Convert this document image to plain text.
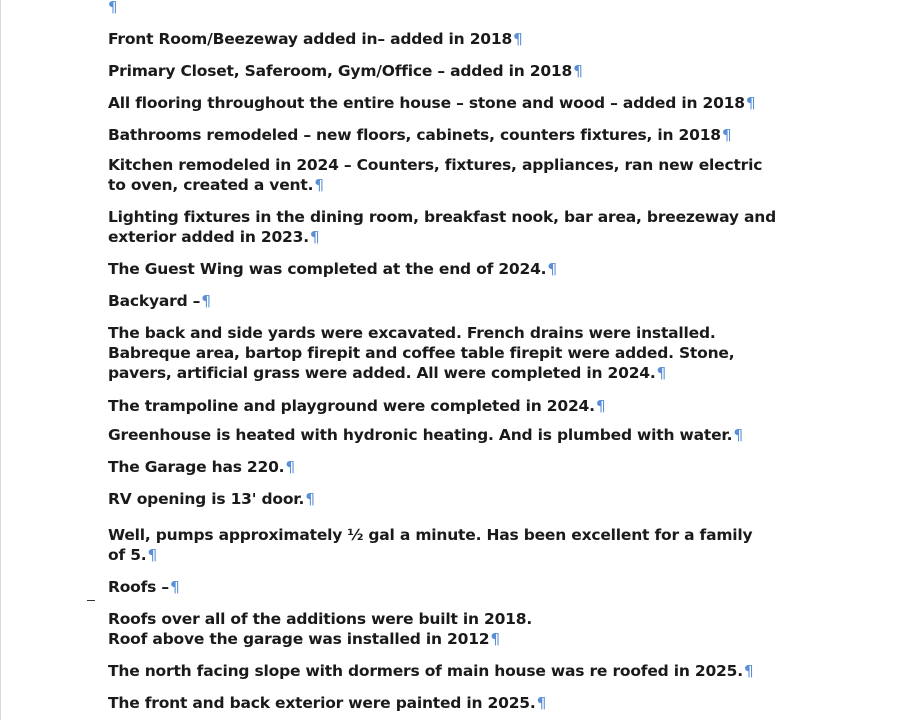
¶
Front Room/Beezeway added in– added in 2018¶
Primary Closet, Saferoom, Gym/Office – added in 2018¶
All flooring throughout the entire house – stone and wood – added in 2018¶
Bathrooms remodeled – new floors, cabinets, counters fixtures, in 2018¶
Kitchen remodeled in 2024 – Counters, fixtures, appliances, ran new electric
to oven, created a vent.¶
Lighting fixtures in the dining room, breakfast nook, bar area, breezeway and
exterior added in 2023.¶
The Guest Wing was completed at the end of 2024.¶
Backyard –¶
The back and side yards were excavated. French drains were installed.
Babreque area, bartop firepit and coffee table firepit were added. Stone,
pavers, artificial grass were added. All were completed in 2024.¶
The trampoline and playground were completed in 2024.¶
Greenhouse is heated with hydronic heating. And is plumbed with water.¶
The Garage has 220.¶
RV opening is 13' door.¶
Well, pumps approximately ½ gal a minute. Has been excellent for a family
of 5.¶
Roofs –¶
Roofs over all of the additions were built in 2018.
Roof above the garage was installed in 2012¶
The north facing slope with dormers of main house was re roofed in 2025.¶
The front and back exterior were painted in 2025.¶
